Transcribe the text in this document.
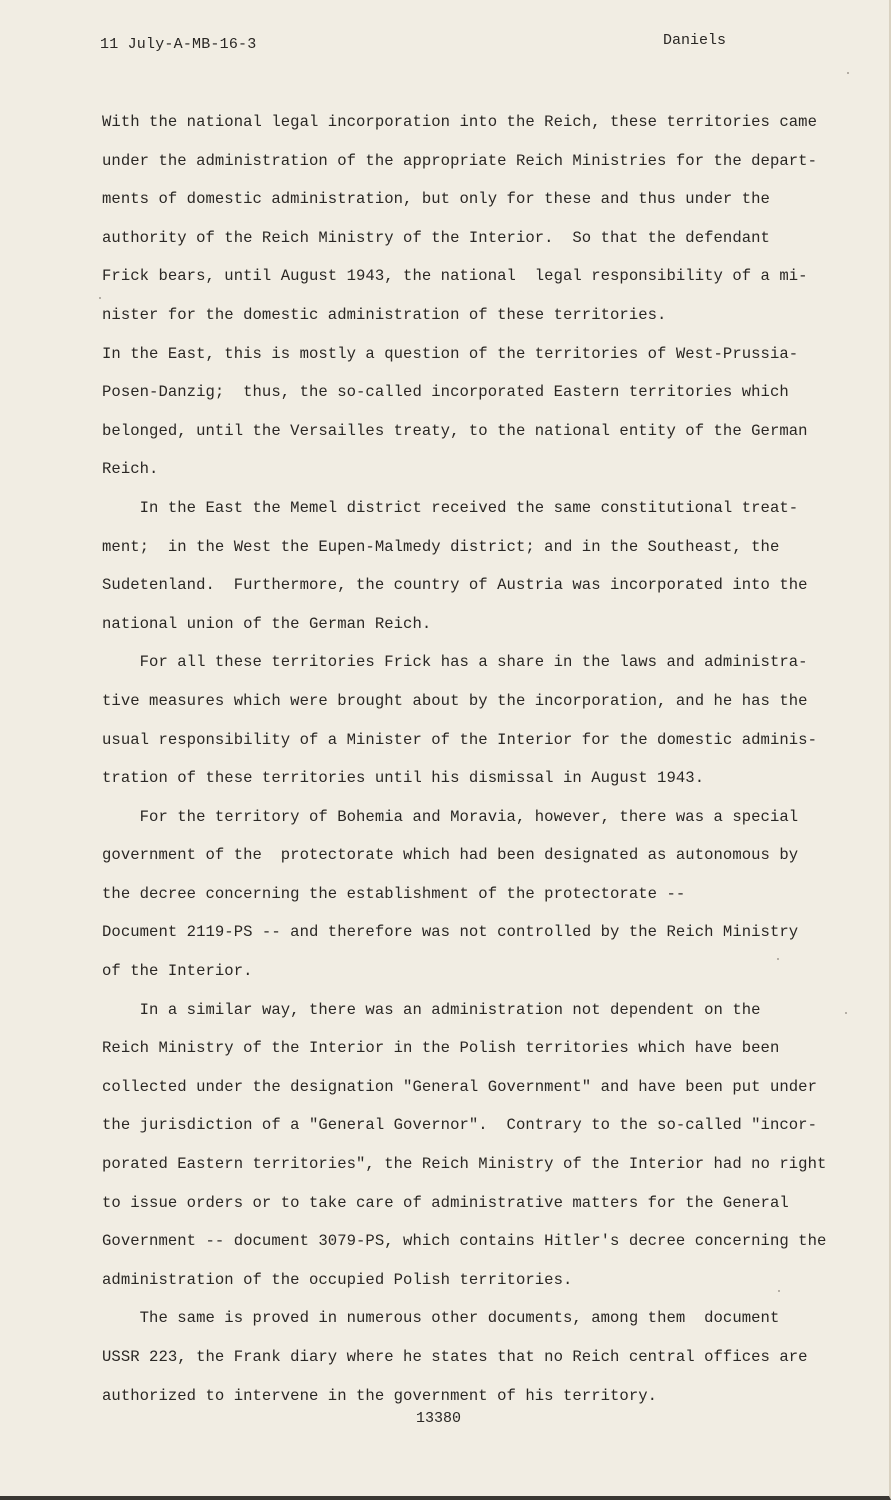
11 July-A-MB-16-3	Daniels

With the national legal incorporation into the Reich, these territories came
under the administration of the appropriate Reich Ministries for the depart-
ments of domestic administration, but only for these and thus under the
authority of the Reich Ministry of the Interior.  So that the defendant
Frick bears, until August 1943, the national  legal responsibility of a mi-
nister for the domestic administration of these territories.

In the East, this is mostly a question of the territories of West-Prussia-
Posen-Danzig;  thus, the so-called incorporated Eastern territories which
belonged, until the Versailles treaty, to the national entity of the German
Reich.

In the East the Memel district received the same constitutional treat-
ment;  in the West the Eupen-Malmedy district; and in the Southeast, the
Sudetenland.  Furthermore, the country of Austria was incorporated into the
national union of the German Reich.

For all these territories Frick has a share in the laws and administra-
tive measures which were brought about by the incorporation, and he has the
usual responsibility of a Minister of the Interior for the domestic adminis-
tration of these territories until his dismissal in August 1943.

For the territory of Bohemia and Moravia, however, there was a special
government of the  protectorate which had been designated as autonomous by
the decree concerning the establishment of the protectorate --
Document 2119-PS -- and therefore was not controlled by the Reich Ministry
of the Interior.

In a similar way, there was an administration not dependent on the
Reich Ministry of the Interior in the Polish territories which have been
collected under the designation "General Government" and have been put under
the jurisdiction of a "General Governor".  Contrary to the so-called "incor-
porated Eastern territories", the Reich Ministry of the Interior had no right
to issue orders or to take care of administrative matters for the General
Government -- document 3079-PS, which contains Hitler's decree concerning the
administration of the occupied Polish territories.

The same is proved in numerous other documents, among them  document
USSR 223, the Frank diary where he states that no Reich central offices are
authorized to intervene in the government of his territory.

13380
